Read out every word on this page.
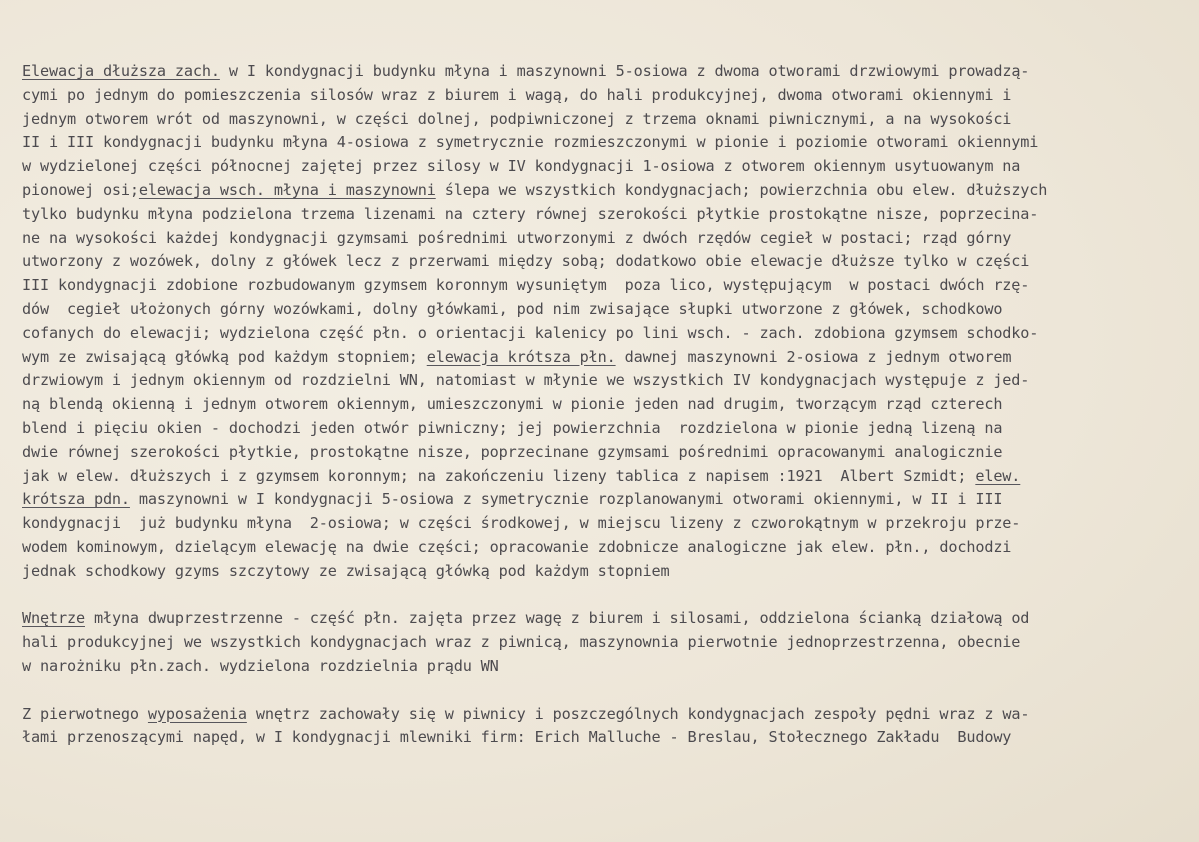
Elewacja dłuższa zach. w I kondygnacji budynku młyna i maszynowni 5-osiowa z dwoma otworami drzwiowymi prowadzą-
cymi po jednym do pomieszczenia silosów wraz z biurem i wagą, do hali produkcyjnej, dwoma otworami okiennymi i
jednym otworem wrót od maszynowni, w części dolnej, podpiwniczonej z trzema oknami piwnicznymi, a na wysokości
II i III kondygnacji budynku młyna 4-osiowa z symetrycznie rozmieszczonymi w pionie i poziomie otworami okiennymi
w wydzielonej części północnej zajętej przez silosy w IV kondygnacji 1-osiowa z otworem okiennym usytuowanym na
pionowej osi;elewacja wsch. młyna i maszynowni ślepa we wszystkich kondygnacjach; powierzchnia obu elew. dłuższych
tylko budynku młyna podzielona trzema lizenami na cztery równej szerokości płytkie prostokątne nisze, poprzecina-
ne na wysokości każdej kondygnacji gzymsami pośrednimi utworzonymi z dwóch rzędów cegieł w postaci; rząd górny
utworzony z wozówek, dolny z główek lecz z przerwami między sobą; dodatkowo obie elewacje dłuższe tylko w części
III kondygnacji zdobione rozbudowanym gzymsem koronnym wysuniętym  poza lico, występującym  w postaci dwóch rzę-
dów  cegieł ułożonych górny wozówkami, dolny główkami, pod nim zwisające słupki utworzone z główek, schodkowo
cofanych do elewacji; wydzielona część płn. o orientacji kalenicy po lini wsch. - zach. zdobiona gzymsem schodko-
wym ze zwisającą główką pod każdym stopniem; elewacja krótsza płn. dawnej maszynowni 2-osiowa z jednym otworem
drzwiowym i jednym okiennym od rozdzielni WN, natomiast w młynie we wszystkich IV kondygnacjach występuje z jed-
ną blendą okienną i jednym otworem okiennym, umieszczonymi w pionie jeden nad drugim, tworzącym rząd czterech
blend i pięciu okien - dochodzi jeden otwór piwniczny; jej powierzchnia  rozdzielona w pionie jedną lizeną na
dwie równej szerokości płytkie, prostokątne nisze, poprzecinane gzymsami pośrednimi opracowanymi analogicznie
jak w elew. dłuższych i z gzymsem koronnym; na zakończeniu lizeny tablica z napisem :1921  Albert Szmidt; elew.
krótsza pdn. maszynowni w I kondygnacji 5-osiowa z symetrycznie rozplanowanymi otworami okiennymi, w II i III
kondygnacji  już budynku młyna  2-osiowa; w części środkowej, w miejscu lizeny z czworokątnym w przekroju prze-
wodem kominowym, dzielącym elewację na dwie części; opracowanie zdobnicze analogiczne jak elew. płn., dochodzi
jednak schodkowy gzyms szczytowy ze zwisającą główką pod każdym stopniem
Wnętrze młyna dwuprzestrzenne - część płn. zajęta przez wagę z biurem i silosami, oddzielona ścianką działową od
hali produkcyjnej we wszystkich kondygnacjach wraz z piwnicą, maszynownia pierwotnie jednoprzestrzenna, obecnie
w narożniku płn.zach. wydzielona rozdzielnia prądu WN
Z pierwotnego wyposażenia wnętrz zachowały się w piwnicy i poszczególnych kondygnacjach zespoły pędni wraz z wa-
łami przenoszącymi napęd, w I kondygnacji mlewniki firm: Erich Malluche - Breslau, Stołecznego Zakładu  Budowy
